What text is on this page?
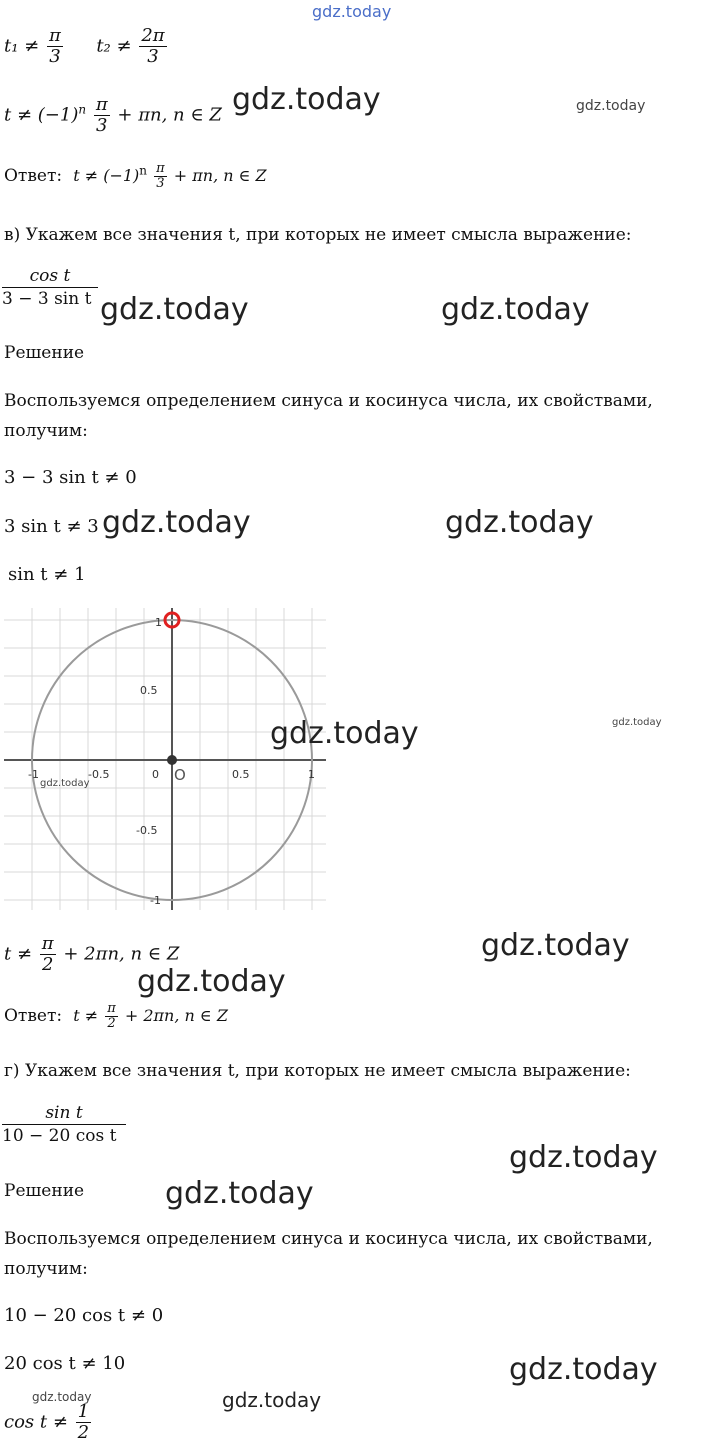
gdz.today
$t_1 \ne \frac{\pi}{3} t_2 \ne \frac{2\pi}{3}$
$t \ne (-1)^n \frac{\pi}{3} + \pi n$, n ∈ Z gdz.today	gdz.today
Ответ: $t \ne (-1)^n \frac{\pi}{3} + \pi n$, n ∈ Z
в) Укажем все значения t, при которых не имеет смысла выражение:
cos t
3 − 3 sin t gdz.today	gdz.today
Решение
Воспользуемся определением синуса и косинуса числа, их свойствами,
получим:
3 − 3 sin t ≠ 0
3 sin t ≠ 3 gdz.today	gdz.today
sin t ≠ 1
-1	-0.5	0 O	0.5	1
1
0.5
-0.5
-1
gdz.today
gdz.today	gdz.today
$t \ne \frac{\pi}{2} + 2\pi n$, n ∈ Z	gdz.today
gdz.today
Ответ: $t \ne \frac{\pi}{2} + 2\pi n$, n ∈ Z
г) Укажем все значения t, при которых не имеет смысла выражение:
sin t
10 − 20 cos t
gdz.today
Решение	gdz.today
Воспользуемся определением синуса и косинуса числа, их свойствами,
получим:
10 − 20 cos t ≠ 0
20 cos t ≠ 10	gdz.today
gdz.today	gdz.today
$\cos t \ne \frac{1}{2}$
